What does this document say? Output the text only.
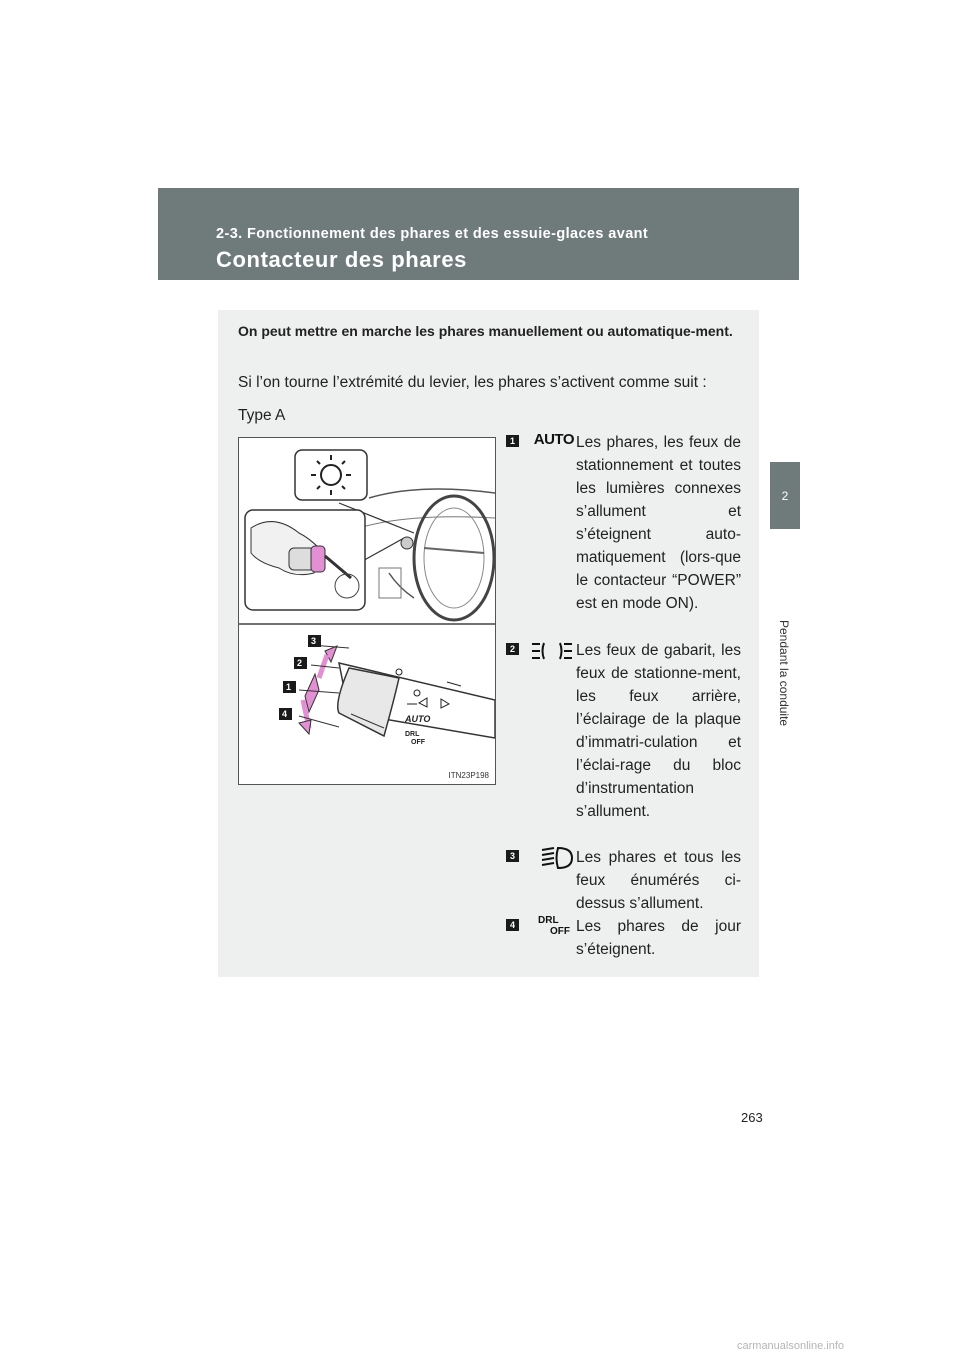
2-3. Fonctionnement des phares et des essuie-glaces avant
Contacteur des phares
2
Pendant la conduite
On peut mettre en marche les phares manuellement ou automatique-ment.
Si l’on tourne l’extrémité du levier, les phares s’activent comme suit :
Type A
AUTO
DRL
OFF
3
2
1
4
ITN23P198
1 AUTO Les phares, les feux de stationnement et toutes les lumières connexes s’allument et s’éteignent auto-matiquement (lors-que le contacteur “POWER” est en mode ON).
2	Les feux de gabarit, les feux de stationne-ment, les feux arrière, l’éclairage de la plaque d’immatri-culation et l’éclai-rage du bloc d’instrumentation s’allument.
3	Les phares et tous les feux énumérés ci-dessus s’allument.
4	DRL
OFF Les phares de jour s’éteignent.
263
carmanualsonline.info
